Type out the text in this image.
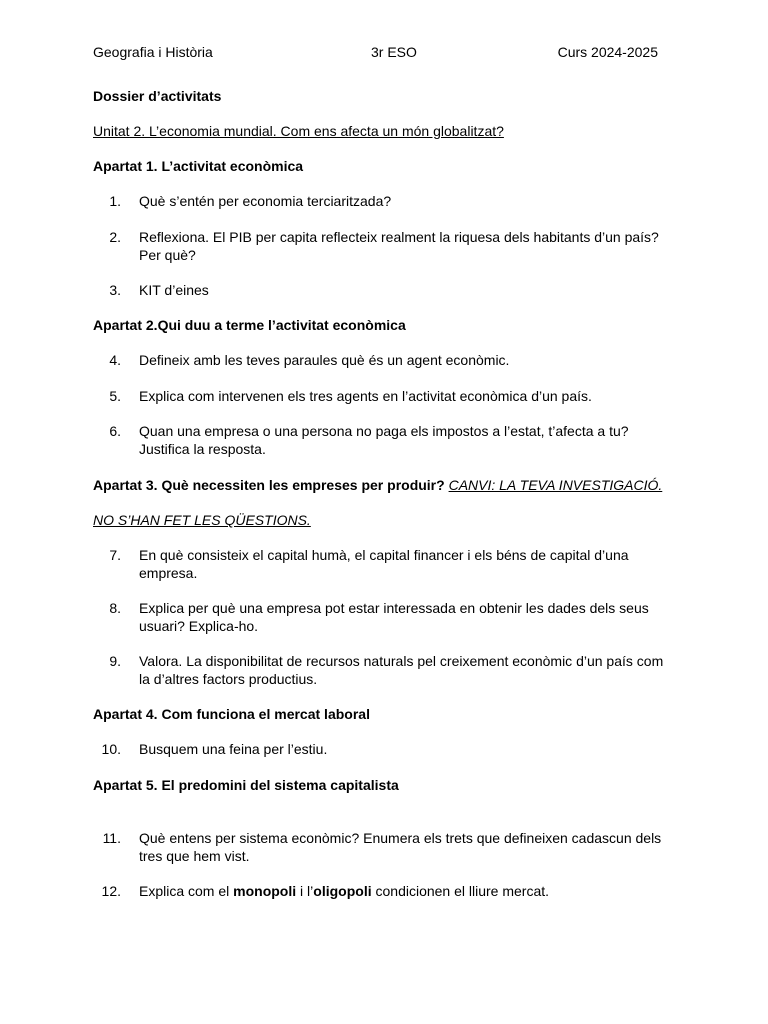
Geografia i Història	3r ESO	Curs 2024-2025
Dossier d’activitats
Unitat 2. L’economia mundial. Com ens afecta un món globalitzat?
Apartat 1. L’activitat econòmica
1. Què s’entén per economia terciaritzada?
2. Reflexiona. El PIB per capita reflecteix realment la riquesa dels habitants d’un país?
Per què?
3. KIT d’eines
Apartat 2.Qui duu a terme l’activitat econòmica
4. Defineix amb les teves paraules què és un agent econòmic.
5. Explica com intervenen els tres agents en l’activitat econòmica d’un país.
6. Quan una empresa o una persona no paga els impostos a l’estat, t’afecta a tu?
Justifica la resposta.
Apartat 3. Què necessiten les empreses per produir? CANVI: LA TEVA INVESTIGACIÓ.
NO S’HAN FET LES QÜESTIONS.
7. En què consisteix el capital humà, el capital financer i els béns de capital d’una
empresa.
8. Explica per què una empresa pot estar interessada en obtenir les dades dels seus
usuari? Explica-ho.
9. Valora. La disponibilitat de recursos naturals pel creixement econòmic d’un país com
la d’altres factors productius.
Apartat 4. Com funciona el mercat laboral
10. Busquem una feina per l’estiu.
Apartat 5. El predomini del sistema capitalista
11. Què entens per sistema econòmic? Enumera els trets que defineixen cadascun dels
tres que hem vist.
12. Explica com el monopoli i l’oligopoli condicionen el lliure mercat.
